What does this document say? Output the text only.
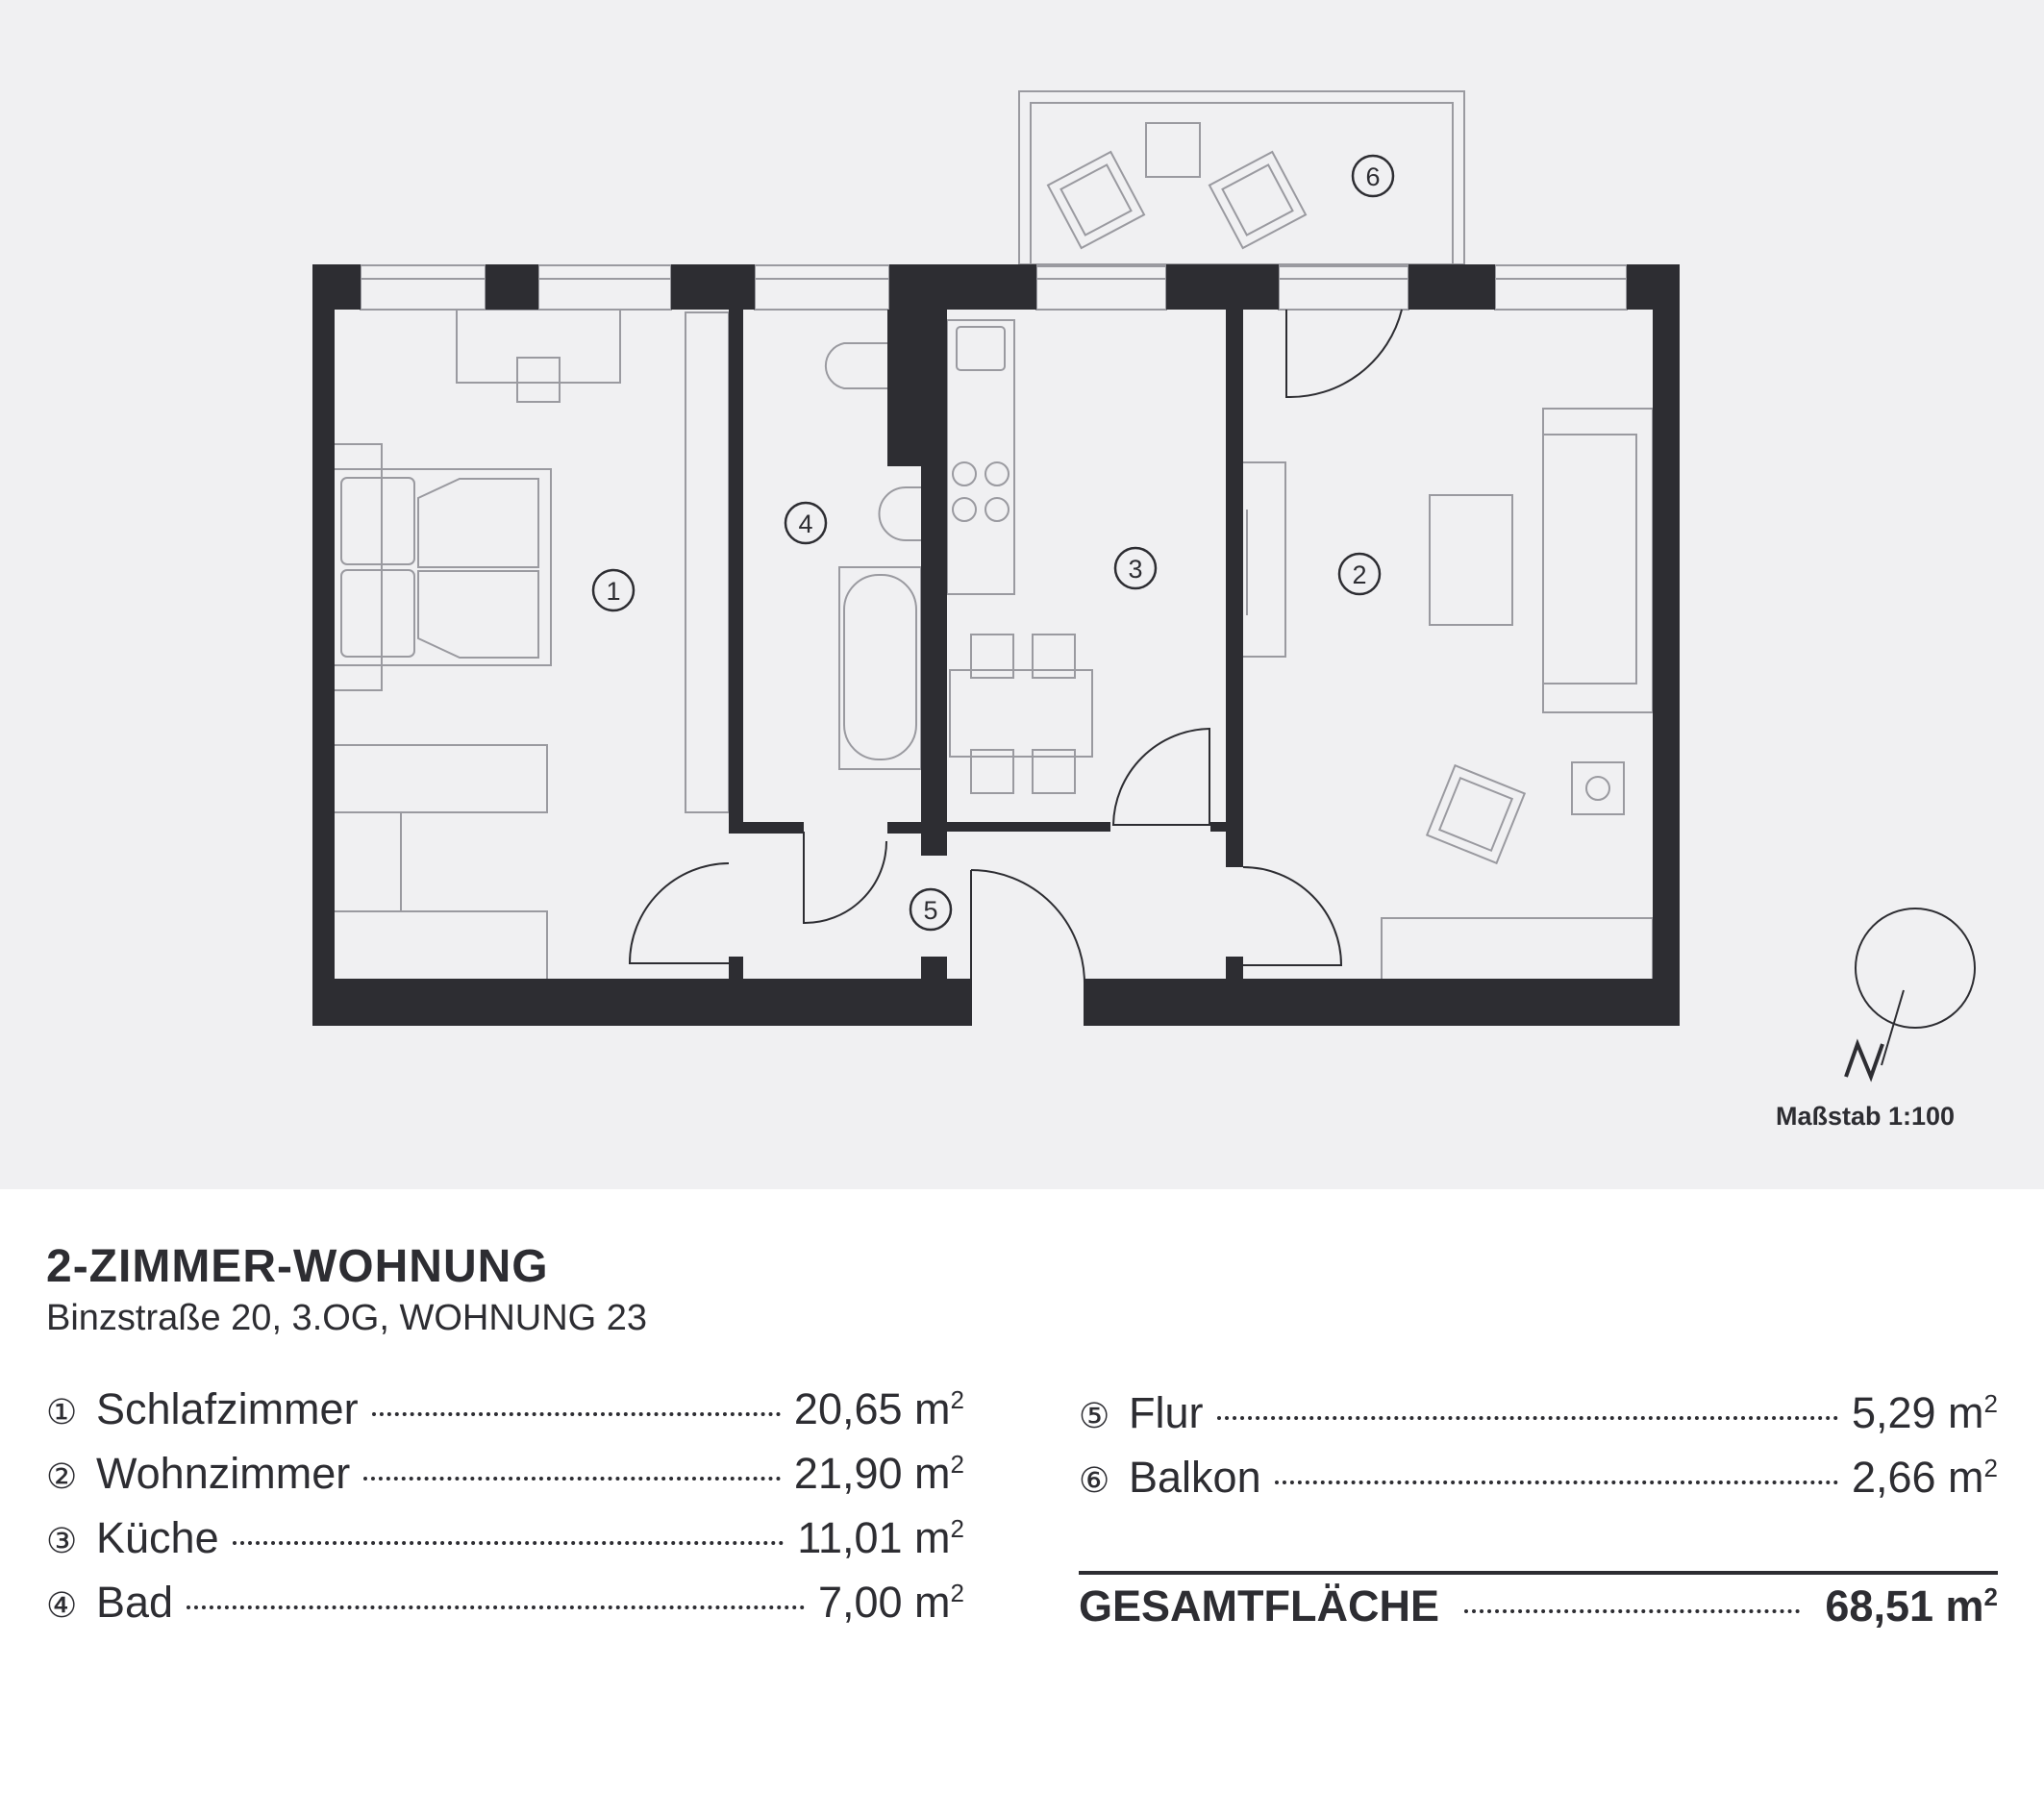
1
2
3
4
5
6
Maßstab 1:100
2-ZIMMER-WOHNUNG
Binzstraße 20, 3.OG, WOHNUNG 23
① Schlafzimmer	20,65 $m^2$
② Wohnzimmer	21,90 $m^2$
③ Küche	11,01 $m^2$
④ Bad	7,00 $m^2$
⑤ Flur	5,29 $m^2$
⑥ Balkon	2,66 $m^2$
GESAMTFLÄCHE	68,51 $m^2$
